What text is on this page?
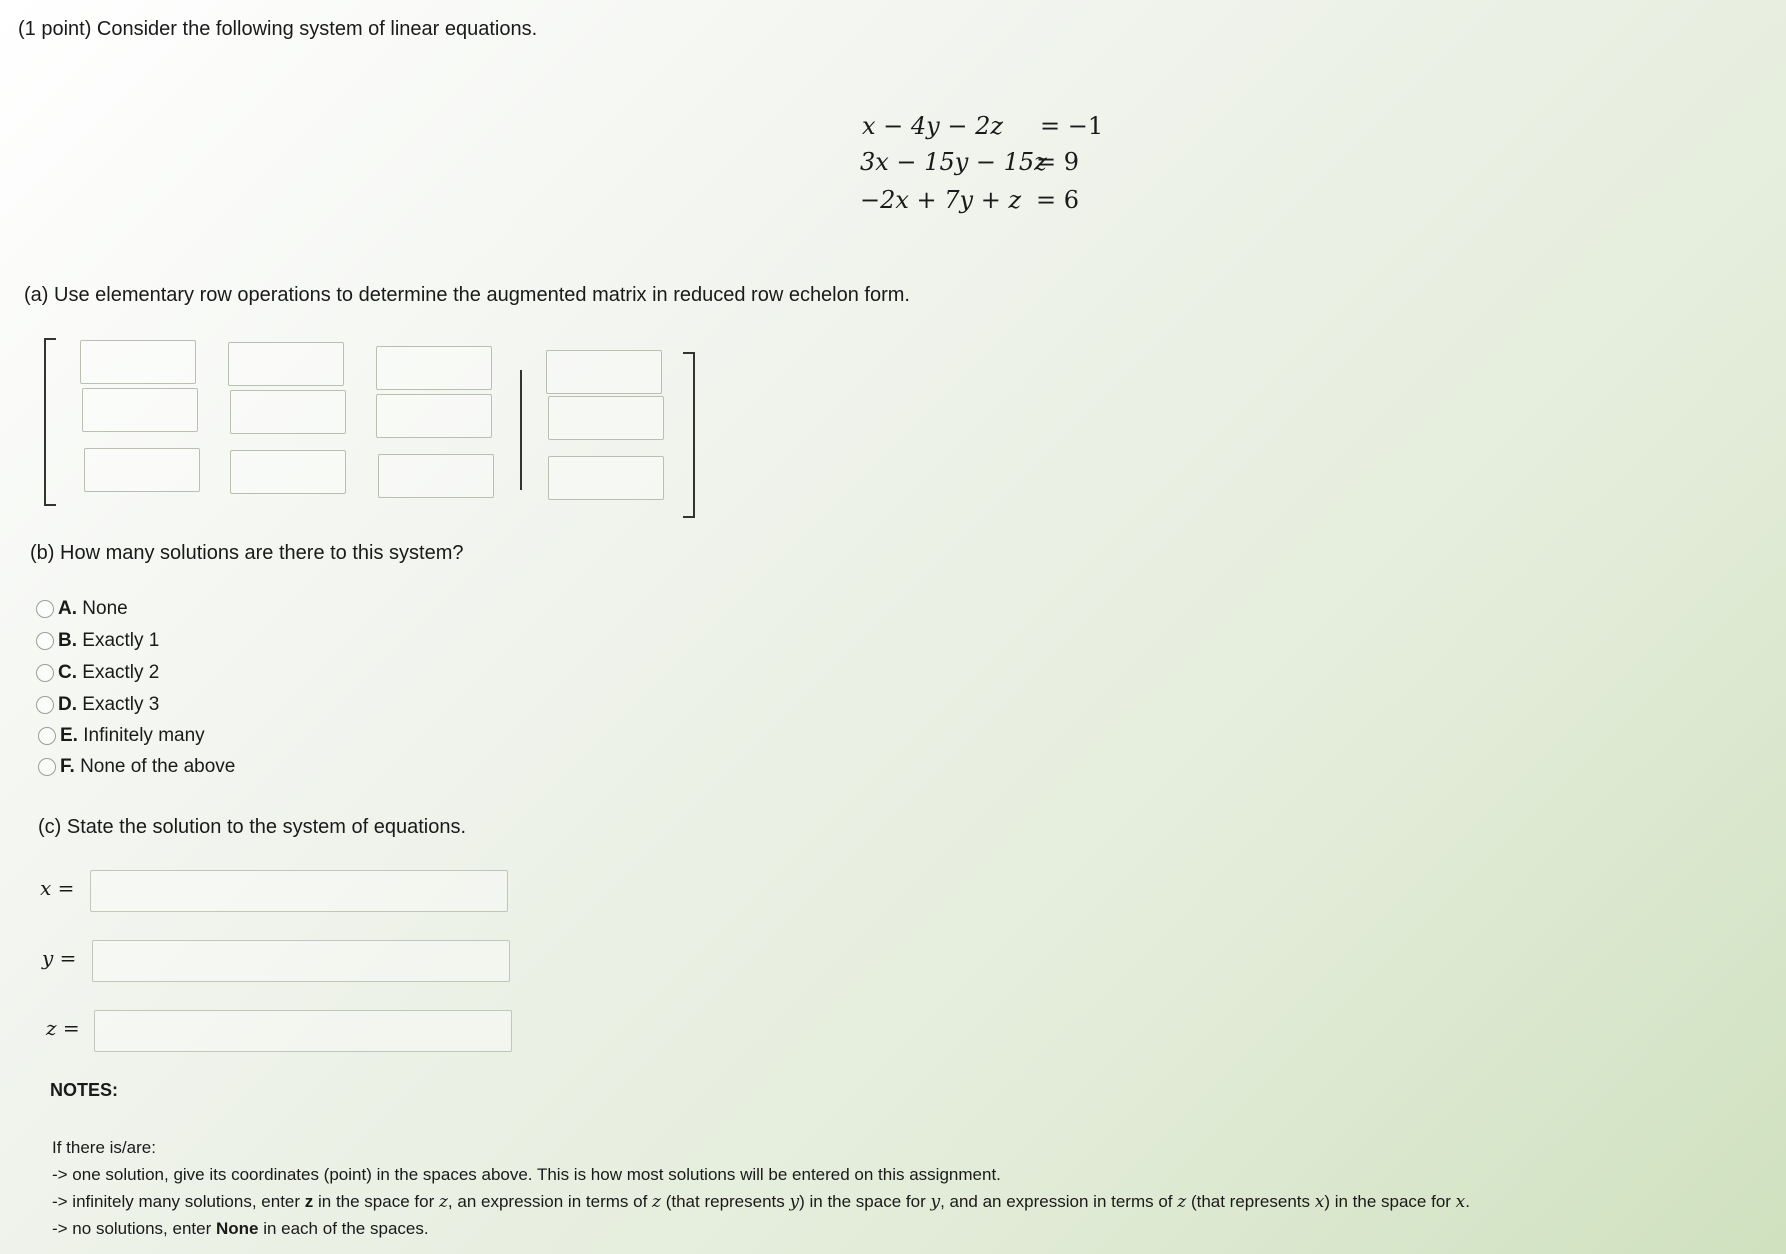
(1 point) Consider the following system of linear equations.
x − 4y − 2z = −1
3x − 15y − 15z
= 9
−2x + 7y + z = 6
(a) Use elementary row operations to determine the augmented matrix in reduced row echelon form.
(b) How many solutions are there to this system?
A.
None
B.
Exactly 1
C.
Exactly 2
D.
Exactly 3
E.
Infinitely many
F.
None of the above
(c) State the solution to the system of equations.
x =
y =
z =
NOTES:
If there is/are:
-> one solution, give its coordinates (point) in the spaces above. This is how most solutions will be entered on this assignment.
-> infinitely many solutions, enter z in the space for z, an expression in terms of z (that represents y) in the space for y, and an expression in terms of z (that represents x) in the space for x.
-> no solutions, enter None in each of the spaces.
